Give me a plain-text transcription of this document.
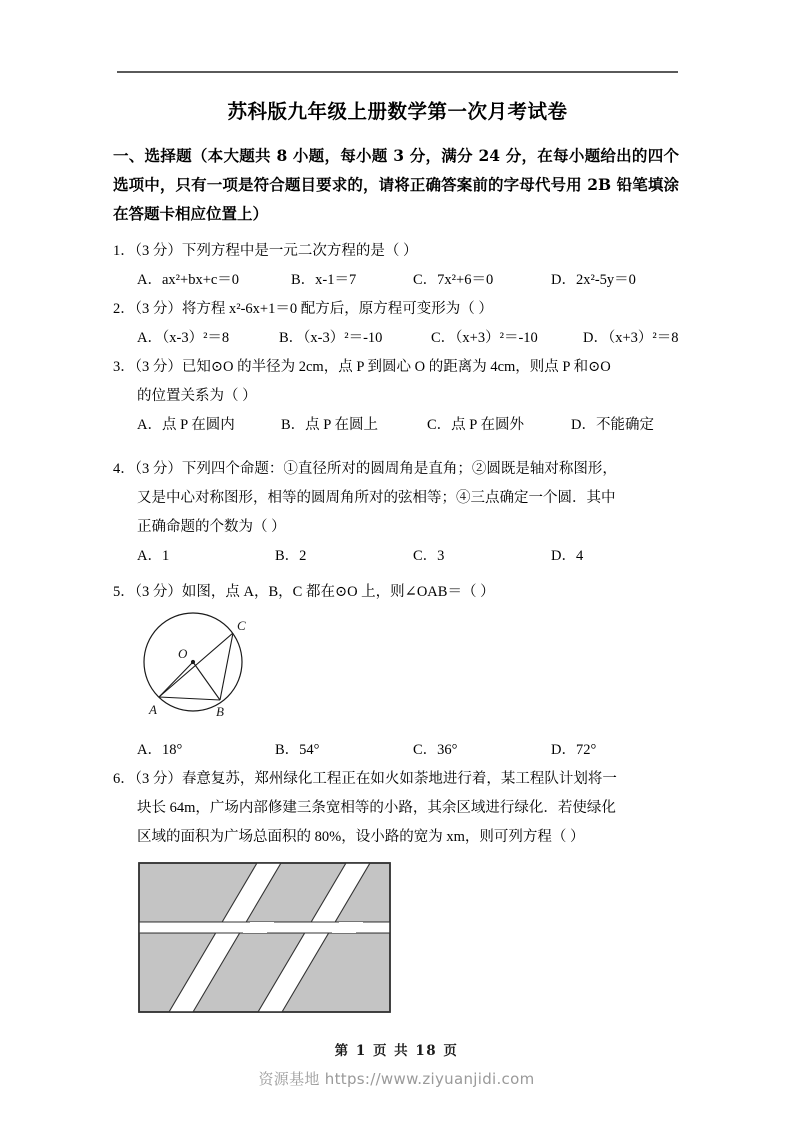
苏科版九年级上册数学第一次月考试卷
一、选择题（本大题共 8 小题，每小题 3 分，满分 24 分，在每小题给出的四个选项中，只有一项是符合题目要求的，请将正确答案前的字母代号用 2B 铅笔填涂在答题卡相应位置上）
1．（3 分）下列方程中是一元二次方程的是（ ）
A．ax²+bx+c＝0	B．x‑1＝7	C．7x²+6＝0	D．2x²‑5y＝0
2．（3 分）将方程 x²‑6x+1＝0 配方后，原方程可变形为（ ）
A．（x‑3）²＝8	B．（x‑3）²＝‑10	C．（x+3）²＝‑10	D．（x+3）²＝8
3．（3 分）已知⊙O 的半径为 2cm，点 P 到圆心 O 的距离为 4cm，则点 P 和⊙O
的位置关系为（ ）
A．点 P 在圆内	B．点 P 在圆上	C．点 P 在圆外	D．不能确定
4．（3 分）下列四个命题：①直径所对的圆周角是直角；②圆既是轴对称图形，
又是中心对称图形，相等的圆周角所对的弦相等；④三点确定一个圆．其中
正确命题的个数为（ ）
A．1	B．2	C．3	D．4
5．（3 分）如图，点 A，B，C 都在⊙O 上，则∠OAB＝（ ）
O
C
A	B
A．18°	B．54°	C．36°	D．72°
6．（3 分）春意复苏，郑州绿化工程正在如火如荼地进行着，某工程队计划将一
块长 64m，广场内部修建三条宽相等的小路，其余区域进行绿化．若使绿化
区域的面积为广场总面积的 80%，设小路的宽为 xm，则可列方程（ ）
第 1 页 共 18 页
资源基地 https://www.ziyuanjidi.com
